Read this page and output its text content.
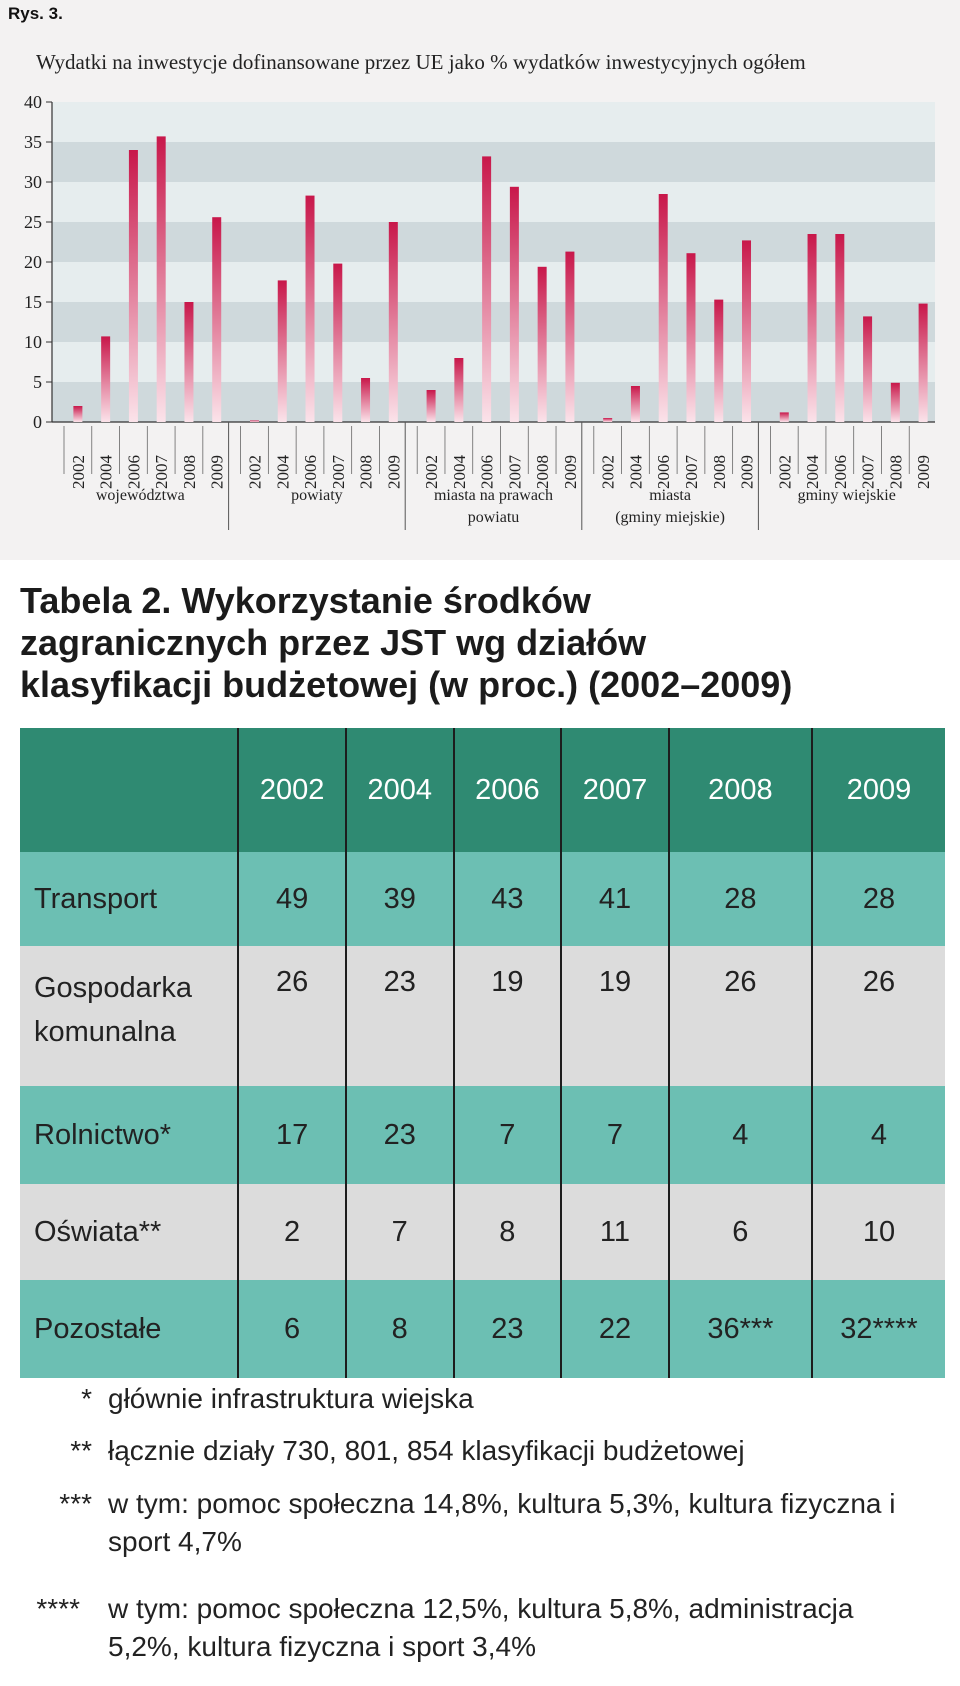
Rys. 3.
Wydatki na inwestycje dofinansowane przez UE jako % wydatków inwestycyjnych ogółem
0
5
10
15
20
25
30
35
40
2002 2004 2006 2007 2008 2009
województwa
2002 2004 2006 2007 2008 2009
powiaty
2002 2004 2006 2007 2008 2009
miasta na prawach
powiatu
2002 2004 2006 2007 2008 2009
miasta
(gminy miejskie)
2002 2004 2006 2007 2008 2009
gminy wiejskie
Tabela 2. Wykorzystanie środków
zagranicznych przez JST wg działów
klasyfikacji budżetowej (w proc.) (2002–2009)
	2002	2004	2006	2007	2008	2009
Transport	49	39	43	41	28	28
Gospodarka komunalna	26	23	19	19	26	26
Rolnictwo*	17	23	7	7	4	4
Oświata**	2	7	8	11	6	10
Pozostałe	6	8	23	22	36***	32****
* głównie infrastruktura wiejska
** łącznie działy 730, 801, 854 klasyfikacji budżetowej
*** w tym: pomoc społeczna 14,8%, kultura 5,3%, kultura fizyczna i sport 4,7%
**** w tym: pomoc społeczna 12,5%, kultura 5,8%, administracja 5,2%, kultura fizyczna i sport 3,4%
